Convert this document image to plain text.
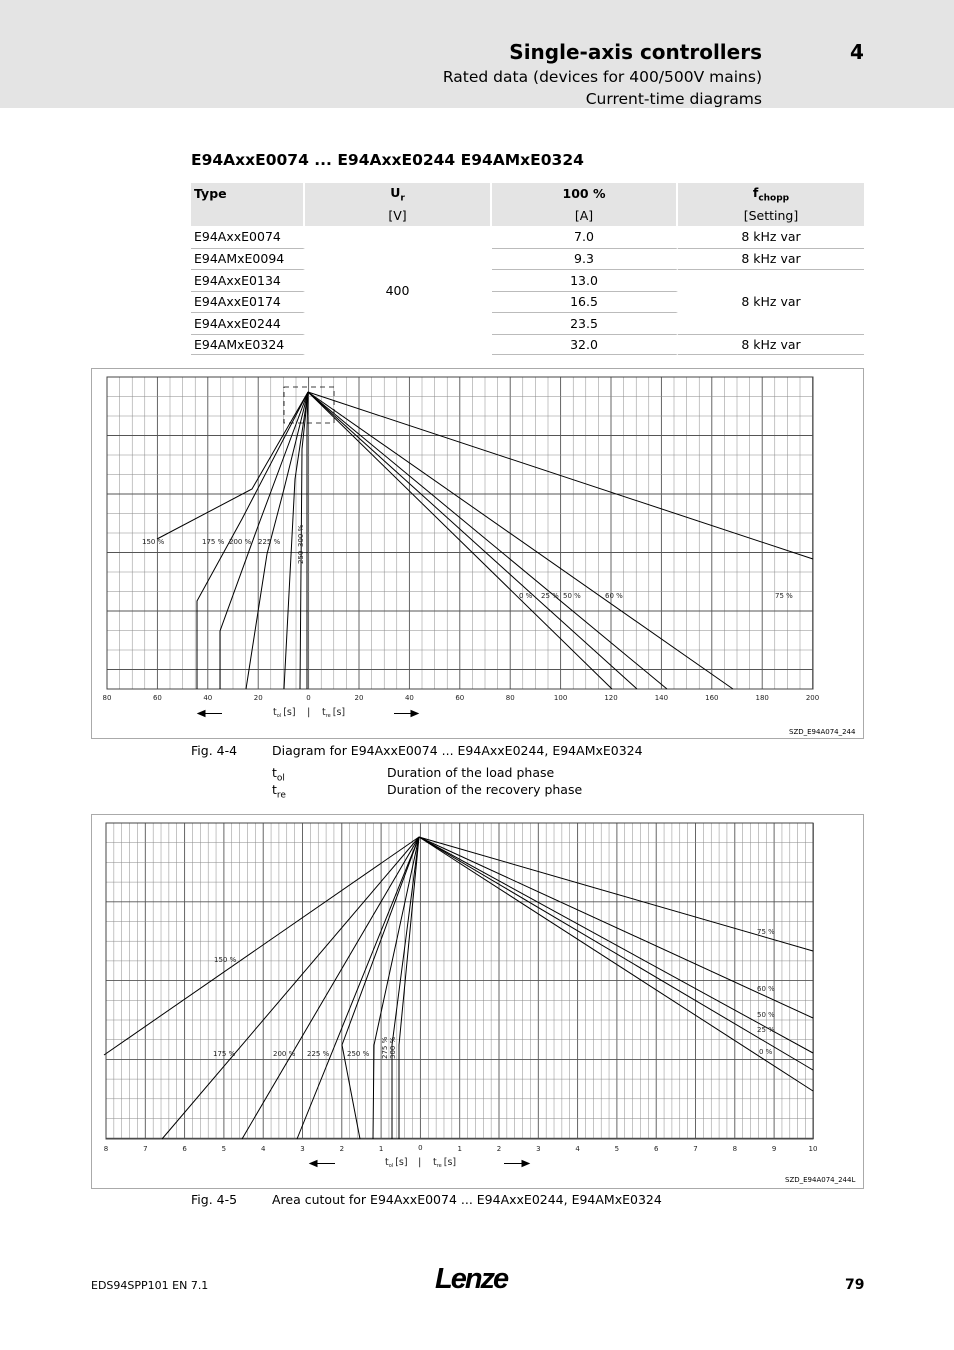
Single-axis controllers	4
Rated data (devices for 400/500V mains)
Current-time diagrams
E94AxxE0074 ... E94AxxE0244 E94AMxE0324
Type	$U_r$	100 %	$f_{chopp}$
	[V]	[A]	[Setting]
E94AxxE0074	400	7.0	8 kHz var
E94AMxE0094		9.3	8 kHz var
E94AxxE0134		13.0	8 kHz var
E94AxxE0174		16.5	
E94AxxE0244		23.5	
E94AMxE0324		32.0	8 kHz var
80	60	40	20	0	20	40	60	80	100	120	140	160	180	200
150 %	175 % 200 % 225 %
250
300 %
0 % 25 % 50 %	60 %	75 %
$t_{ol}$ [s] | $t_{re}$ [s]
SZD_E94A074_244
Fig. 4-4	Diagram for E94AxxE0074 ... E94AxxE0244, E94AMxE0324
$t_{ol}$	Duration of the load phase
$t_{re}$	Duration of the recovery phase
8	7	6	5	4	3	2	1	0	1	2	3	4	5	6	7	8	9	10
150 %
175 %	200 % 225 %	250 % 275 % 300 %
75 %
60 %
50 %
25 %
0 %
$t_{ol}$ [s] | $t_{re}$ [s]
SZD_E94A074_244L
Fig. 4-5	Area cutout for E94AxxE0074 ... E94AxxE0244, E94AMxE0324
EDS94SPP101 EN 7.1	Lenze	79
